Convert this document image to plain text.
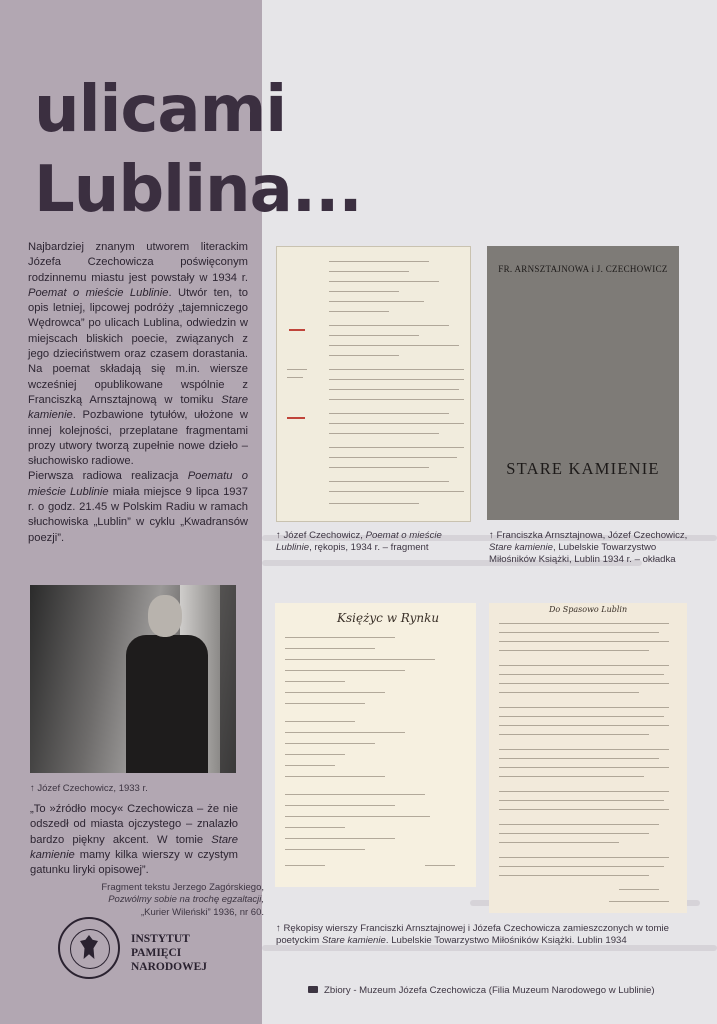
ulicami
Lublina...
Najbardziej znanym utworem literackim Józefa Czechowicza poświęconym rodzinnemu miastu jest powstały w 1934 r. Poemat o mieście Lublinie. Utwór ten, to opis letniej, lipcowej podróży „tajemniczego Wędrowca” po ulicach Lublina, odwiedzin w miejscach bliskich poecie, związanych z jego dzieciństwem oraz czasem dorastania. Na poemat składają się m.in. wiersze wcześniej opublikowane wspólnie z Franciszką Arnsztajnową w tomiku Stare kamienie. Pozbawione tytułów, ułożone w innej kolejności, przeplatane fragmentami prozy utwory tworzą zupełnie nowe dzieło – słuchowisko radiowe.
Pierwsza radiowa realizacja Poematu o mieście Lublinie miała miejsce 9 lipca 1937 r. o godz. 21.45 w Polskim Radiu w ramach słuchowiska „Lublin” w cyklu „Kwadransów poezji”.
↑ Józef Czechowicz, 1933 r.
„To »źródło mocy« Czechowicza – że nie odszedł od miasta ojczystego – znalazło bardzo piękny akcent. W tomie Stare kamienie mamy kilka wierszy w czystym gatunku liryki opisowej”.
Fragment tekstu Jerzego Zagórskiego,
Pozwólmy sobie na trochę egzaltacji,
„Kurier Wileński” 1936, nr 60.
INSTYTUT
PAMIĘCI
NARODOWEJ
↑ Józef Czechowicz, Poemat o mieście Lublinie, rękopis, 1934 r. – fragment
FR. ARNSZTAJNOWA i J. CZECHOWICZ
STARE KAMIENIE
↑ Franciszka Arnsztajnowa, Józef Czechowicz, Stare kamienie, Lubelskie Towarzystwo Miłośników Książki, Lublin 1934 r. – okładka
Księżyc w Rynku
Do Spasowo Lublin
↑ Rękopisy wierszy Franciszki Arnsztajnowej i Józefa Czechowicza zamieszczonych w tomie poetyckim Stare kamienie. Lubelskie Towarzystwo Miłośników Książki. Lublin 1934
Zbiory - Muzeum Józefa Czechowicza (Filia Muzeum Narodowego w Lublinie)
